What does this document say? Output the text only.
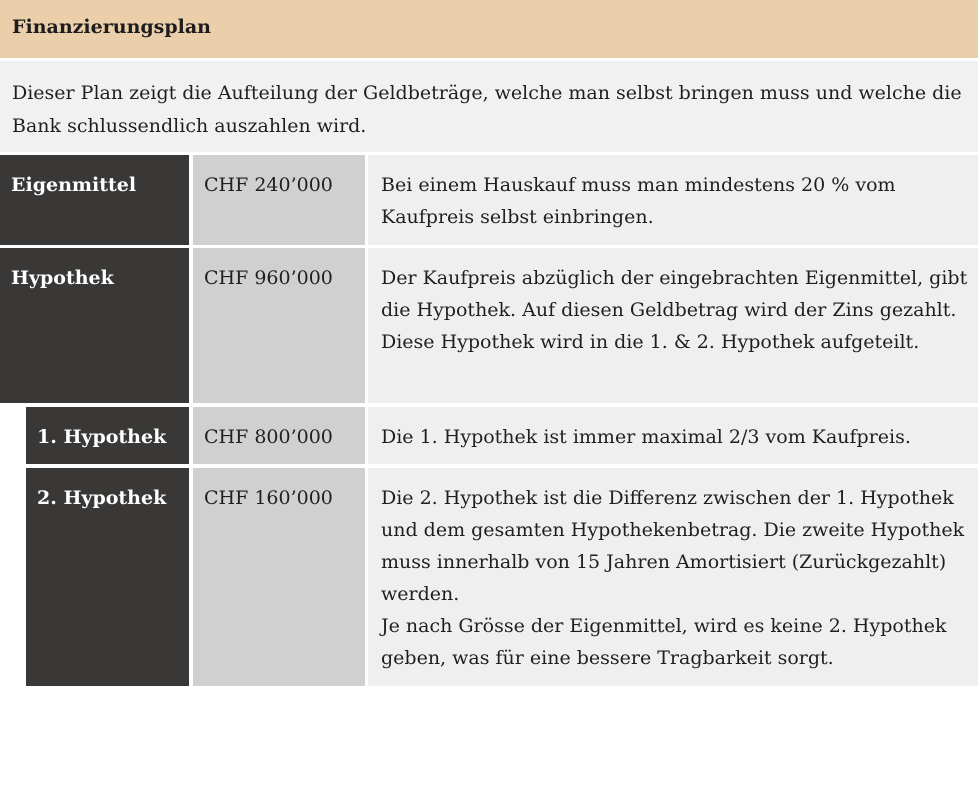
Finanzierungsplan
Dieser Plan zeigt die Aufteilung der Geldbeträge, welche man selbst bringen muss und welche die Bank schlussendlich auszahlen wird.
Eigenmittel	CHF 240’000	Bei einem Hauskauf muss man mindestens 20 % vom Kaufpreis selbst einbringen.

Hypothek	CHF 960’000	Der Kaufpreis abzüglich der eingebrachten Eigenmittel, gibt die Hypothek. Auf diesen Geldbetrag wird der Zins gezahlt.

Diese Hypothek wird in die 1. & 2. Hypothek aufgeteilt.

1. Hypothek	CHF 800’000	Die 1. Hypothek ist immer maximal 2/3 vom Kaufpreis.

2. Hypothek	CHF 160’000	Die 2. Hypothek ist die Differenz zwischen der 1. Hypothek und dem gesamten Hypothekenbetrag. Die zweite Hypothek muss innerhalb von 15 Jahren Amortisiert (Zurückgezahlt) werden.

Je nach Grösse der Eigenmittel, wird es keine 2. Hypothek geben, was für eine bessere Tragbarkeit sorgt.
